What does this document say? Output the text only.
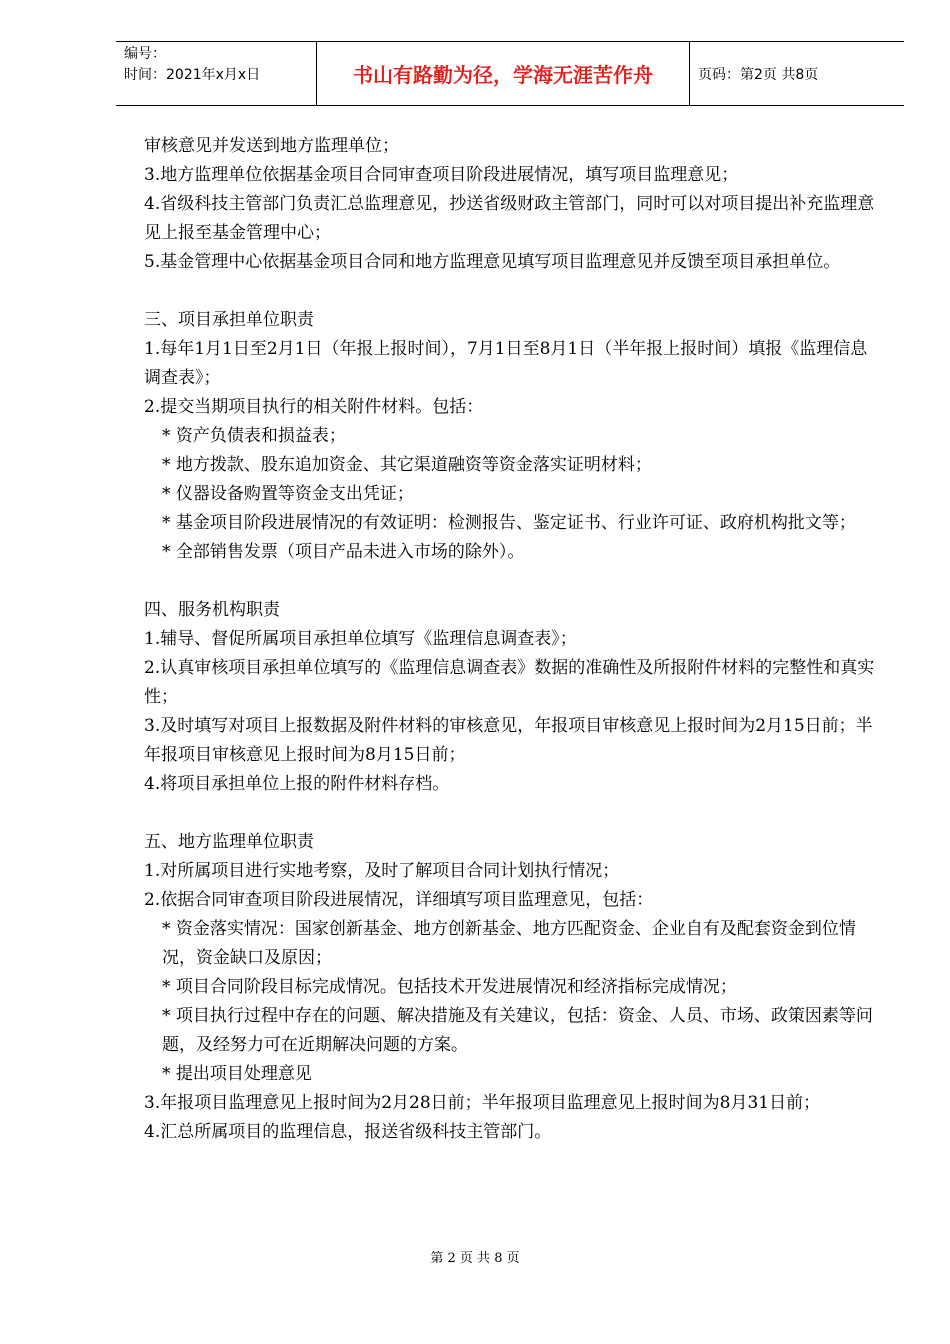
编号：
时间：2021年x月x日	书山有路勤为径，学海无涯苦作舟	页码：第2页 共8页

审核意见并发送到地方监理单位；

3.地方监理单位依据基金项目合同审查项目阶段进展情况，填写项目监理意见；

4.省级科技主管部门负责汇总监理意见，抄送省级财政主管部门，同时可以对项目提出补充监理意见上报至基金管理中心；

5.基金管理中心依据基金项目合同和地方监理意见填写项目监理意见并反馈至项目承担单位。

三、项目承担单位职责

1.每年1月1日至2月1日（年报上报时间），7月1日至8月1日（半年报上报时间）填报《监理信息调查表》；

2.提交当期项目执行的相关附件材料。包括：

* 资产负债表和损益表；

* 地方拨款、股东追加资金、其它渠道融资等资金落实证明材料；

* 仪器设备购置等资金支出凭证；

* 基金项目阶段进展情况的有效证明：检测报告、鉴定证书、行业许可证、政府机构批文等；

* 全部销售发票（项目产品未进入市场的除外）。

四、服务机构职责

1.辅导、督促所属项目承担单位填写《监理信息调查表》；

2.认真审核项目承担单位填写的《监理信息调查表》数据的准确性及所报附件材料的完整性和真实性；

3.及时填写对项目上报数据及附件材料的审核意见，年报项目审核意见上报时间为2月15日前；半年报项目审核意见上报时间为8月15日前；

4.将项目承担单位上报的附件材料存档。

五、地方监理单位职责

1.对所属项目进行实地考察，及时了解项目合同计划执行情况；

2.依据合同审查项目阶段进展情况，详细填写项目监理意见，包括：

* 资金落实情况：国家创新基金、地方创新基金、地方匹配资金、企业自有及配套资金到位情况，资金缺口及原因；

* 项目合同阶段目标完成情况。包括技术开发进展情况和经济指标完成情况；

* 项目执行过程中存在的问题、解决措施及有关建议，包括：资金、人员、市场、政策因素等问题，及经努力可在近期解决问题的方案。

* 提出项目处理意见

3.年报项目监理意见上报时间为2月28日前；半年报项目监理意见上报时间为8月31日前；

4.汇总所属项目的监理信息，报送省级科技主管部门。

第 2 页 共 8 页
